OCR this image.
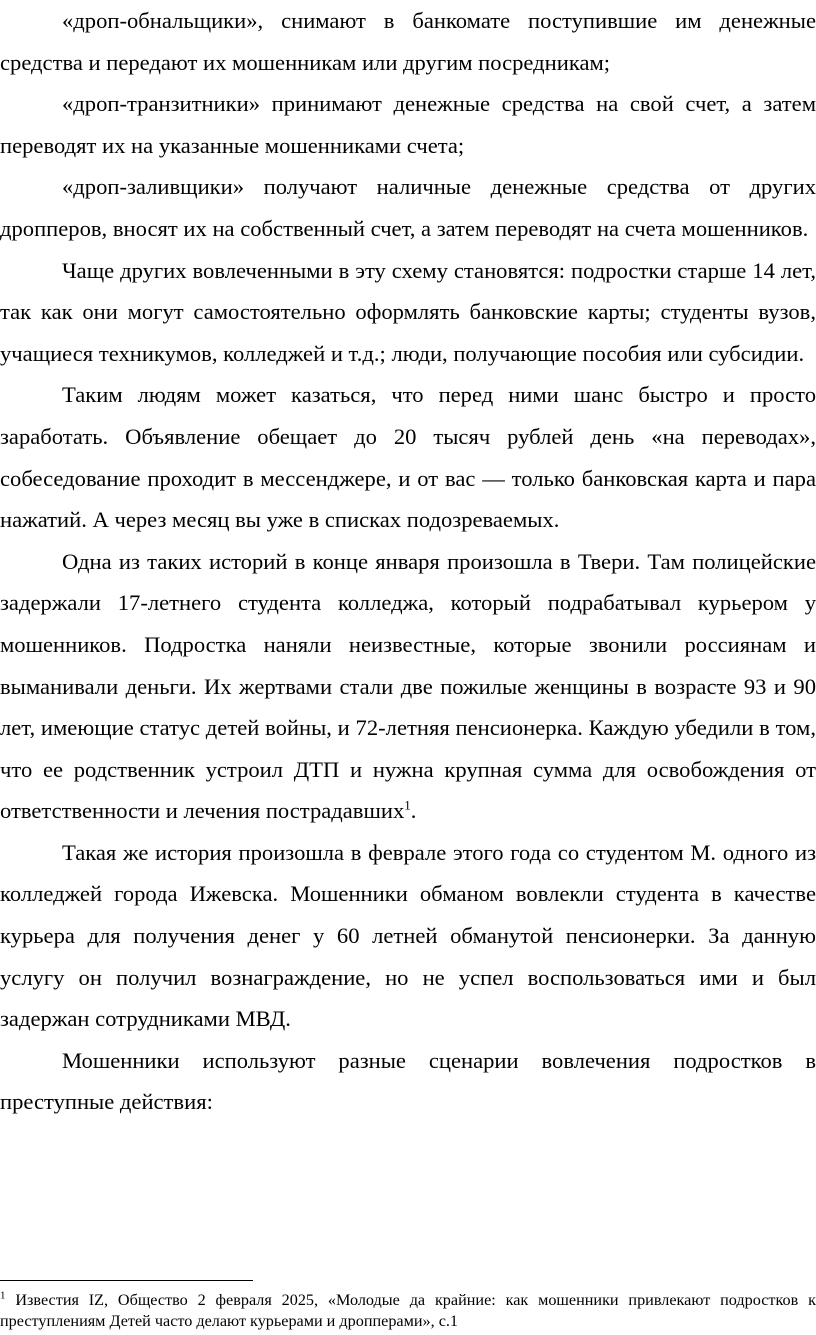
«дроп-обнальщики», снимают в банкомате поступившие им денежные средства и передают их мошенникам или другим посредникам;

«дроп-транзитники» принимают денежные средства на свой счет, а затем переводят их на указанные мошенниками счета;

«дроп-заливщики» получают наличные денежные средства от других дропперов, вносят их на собственный счет, а затем переводят на счета мошенников.

Чаще других вовлеченными в эту схему становятся: подростки старше 14 лет, так как они могут самостоятельно оформлять банковские карты; студенты вузов, учащиеся техникумов, колледжей и т.д.; люди, получающие пособия или субсидии.

Таким людям может казаться, что перед ними шанс быстро и просто заработать. Объявление обещает до 20 тысяч рублей день «на переводах», собеседование проходит в мессенджере, и от вас — только банковская карта и пара нажатий. А через месяц вы уже в списках подозреваемых.

Одна из таких историй в конце января произошла в Твери. Там полицейские задержали 17-летнего студента колледжа, который подрабатывал курьером у мошенников. Подростка наняли неизвестные, которые звонили россиянам и выманивали деньги. Их жертвами стали две пожилые женщины в возрасте 93 и 90 лет, имеющие статус детей войны, и 72-летняя пенсионерка. Каждую убедили в том, что ее родственник устроил ДТП и нужна крупная сумма для освобождения от ответственности и лечения пострадавших$^1$.

Такая же история произошла в феврале этого года со студентом М. одного из колледжей города Ижевска. Мошенники обманом вовлекли студента в качестве курьера для получения денег у 60 летней обманутой пенсионерки. За данную услугу он получил вознаграждение, но не успел воспользоваться ими и был задержан сотрудниками МВД.

Мошенники используют разные сценарии вовлечения подростков в преступные действия:

$^1$ Известия IZ, Общество 2 февраля 2025, «Молодые да крайние: как мошенники привлекают подростков к преступлениям Детей часто делают курьерами и дропперами», с.1
